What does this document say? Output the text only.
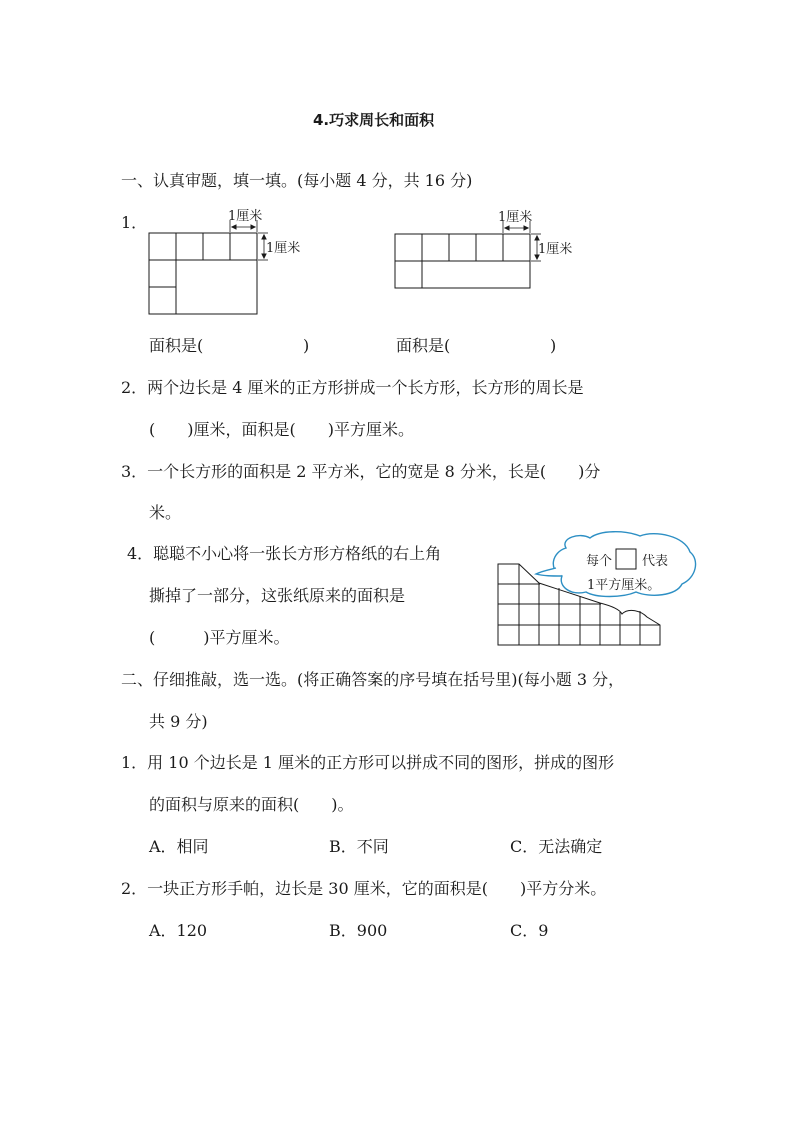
4.巧求周长和面积
一、认真审题，填一填。(每小题 4 分，共 16 分)
1．	1厘米
1厘米
1厘米
1厘米
面积是(	)	面积是(	)
2．两个边长是 4 厘米的正方形拼成一个长方形，长方形的周长是
(　　)厘米，面积是(　　)平方厘米。
3．一个长方形的面积是 2 平方米，它的宽是 8 分米，长是(　　)分
米。
4．聪聪不小心将一张长方形方格纸的右上角
撕掉了一部分，这张纸原来的面积是
(　　　)平方厘米。
每个 代表
1平方厘米。
二、仔细推敲，选一选。(将正确答案的序号填在括号里)(每小题 3 分，
共 9 分)
1．用 10 个边长是 1 厘米的正方形可以拼成不同的图形，拼成的图形
的面积与原来的面积(　　)。
A．相同	B．不同	C．无法确定
2．一块正方形手帕，边长是 30 厘米，它的面积是(　　)平方分米。
A．120	B．900	C．9
